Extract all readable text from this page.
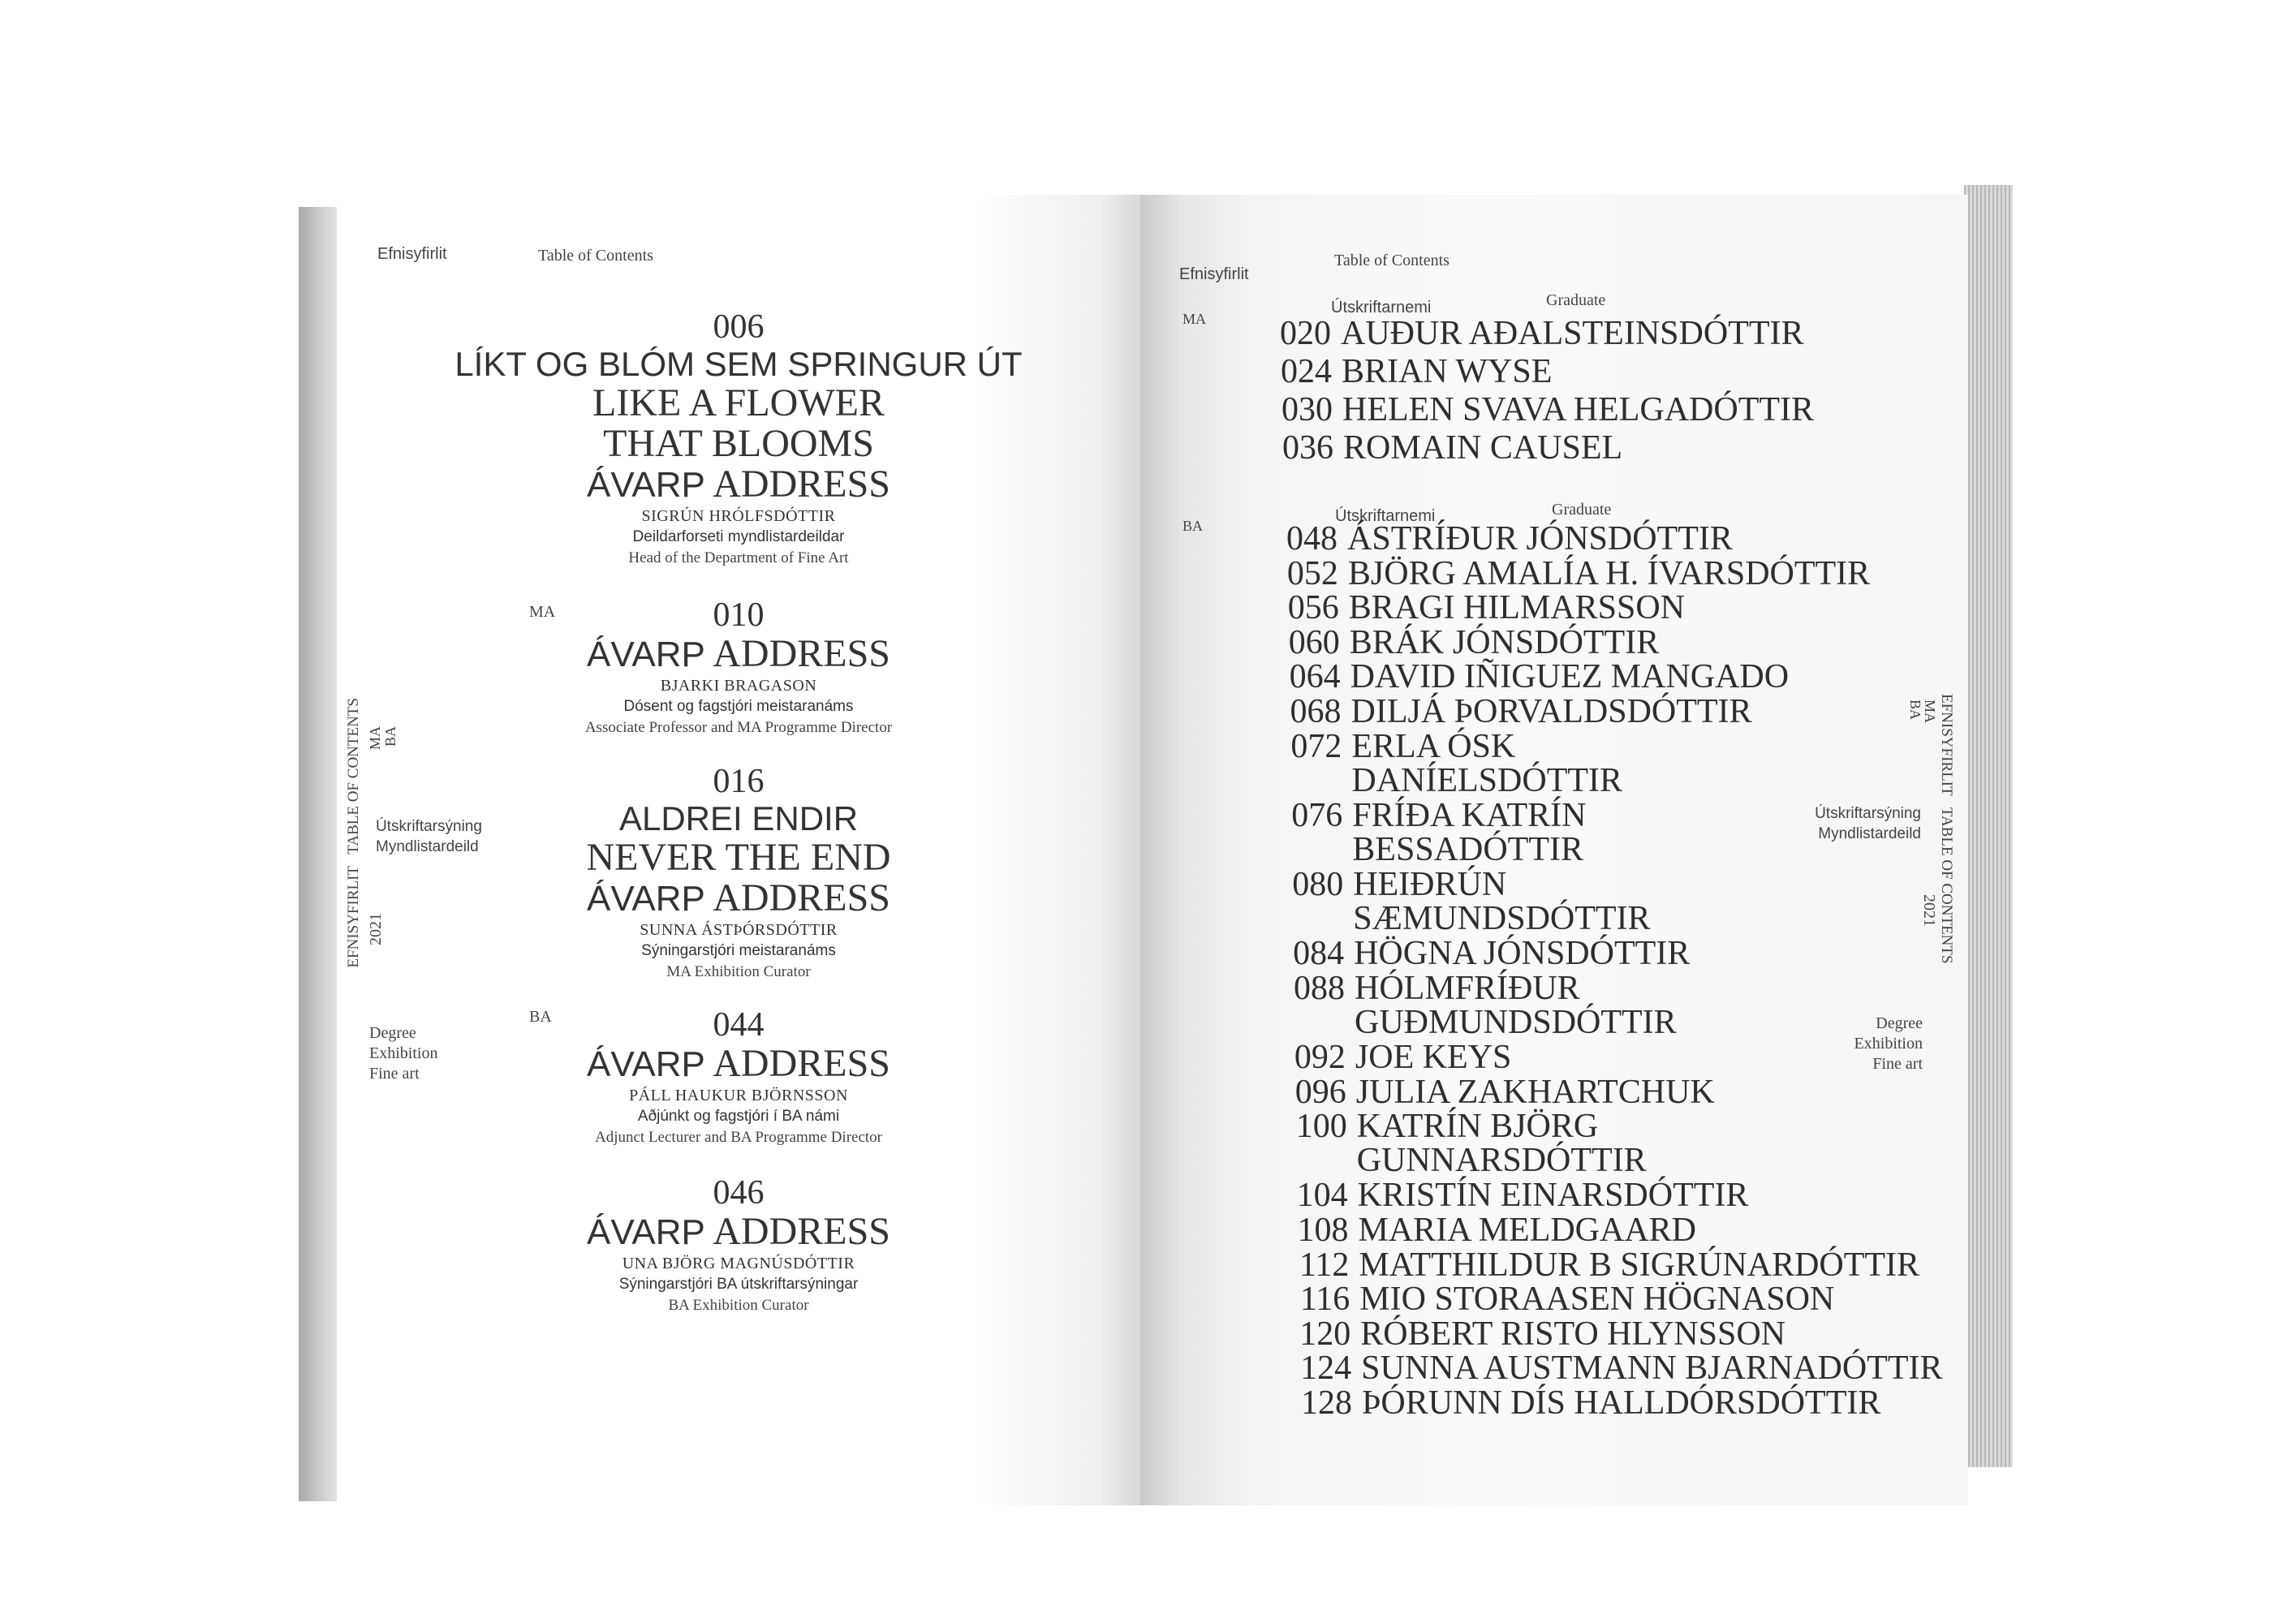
Efnisyfirlit	Table of Contents
MA
BA
EFNISYFIRLIT   TABLE OF CONTENTS
2021
MA BA
Útskriftarsýning
Myndlistardeild
Degree
Exhibition
Fine art
006
LÍKT OG BLÓM SEM SPRINGUR ÚT
LIKE A FLOWER
THAT BLOOMS
ÁVARP ADDRESS
SIGRÚN HRÓLFSDÓTTIR
Deildarforseti myndlistardeildar
Head of the Department of Fine Art
010
ÁVARP ADDRESS
BJARKI BRAGASON
Dósent og fagstjóri meistaranáms
Associate Professor and MA Programme Director
016
ALDREI ENDIR
NEVER THE END
ÁVARP ADDRESS
SUNNA ÁSTÞÓRSDÓTTIR
Sýningarstjóri meistaranáms
MA Exhibition Curator
044
ÁVARP ADDRESS
PÁLL HAUKUR BJÖRNSSON
Aðjúnkt og fagstjóri í BA námi
Adjunct Lecturer and BA Programme Director
046
ÁVARP ADDRESS
UNA BJÖRG MAGNÚSDÓTTIR
Sýningarstjóri BA útskriftarsýningar
BA Exhibition Curator
Efnisyfirlit
Table of Contents
MA
BA
Útskriftarnemi	Graduate
020 AUÐUR AÐALSTEINSDÓTTIR
024 BRIAN WYSE
030 HELEN SVAVA HELGADÓTTIR
036 ROMAIN CAUSEL
Útskriftarnemi	Graduate
048 ÁSTRÍÐUR JÓNSDÓTTIR
052 BJÖRG AMALÍA H. ÍVARSDÓTTIR
056 BRAGI HILMARSSON
060 BRÁK JÓNSDÓTTIR
064 DAVID IÑIGUEZ MANGADO
068 DILJÁ ÞORVALDSDÓTTIR
072 ERLA ÓSK
DANÍELSDÓTTIR
076 FRÍÐA KATRÍN
BESSADÓTTIR
080 HEIÐRÚN
SÆMUNDSDÓTTIR
084 HÖGNA JÓNSDÓTTIR
088 HÓLMFRÍÐUR
GUÐMUNDSDÓTTIR
092 JOE KEYS
096 JULIA ZAKHARTCHUK
100 KATRÍN BJÖRG
GUNNARSDÓTTIR
104 KRISTÍN EINARSDÓTTIR
108 MARIA MELDGAARD
112 MATTHILDUR B SIGRÚNARDÓTTIR
116 MIO STORAASEN HÖGNASON
120 RÓBERT RISTO HLYNSSON
124 SUNNA AUSTMANN BJARNADÓTTIR
128 ÞÓRUNN DÍS HALLDÓRSDÓTTIR
EFNISYFIRLIT   TABLE OF CONTENTS
2021
MA
BA
Útskriftarsýning
Myndlistardeild
Degree
Exhibition
Fine art
